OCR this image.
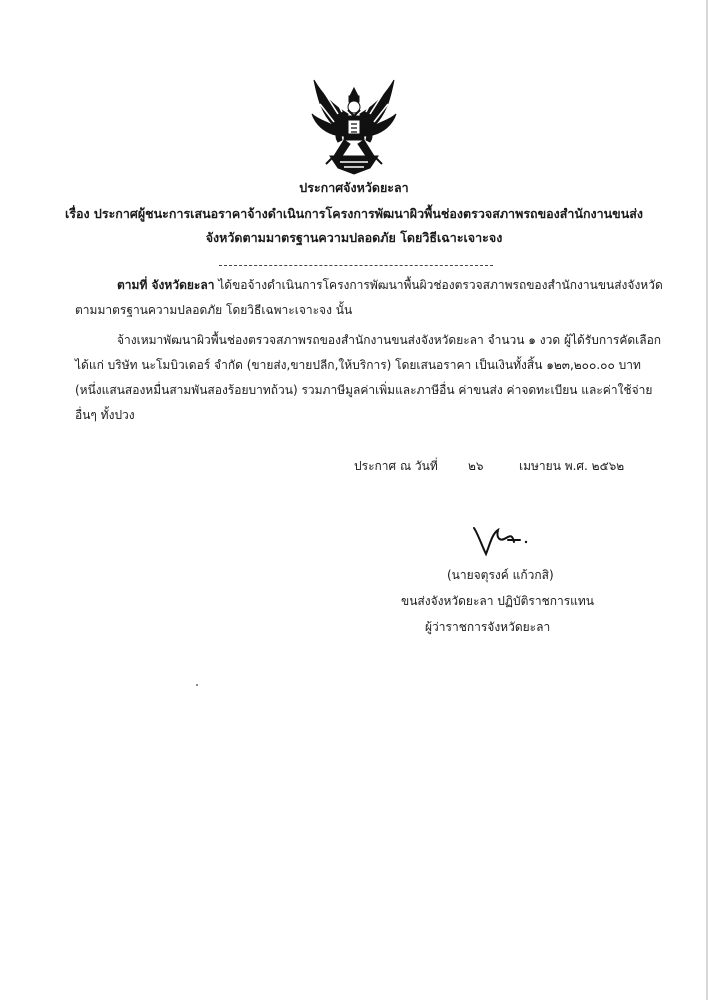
ประกาศจังหวัดยะลา
เรื่อง ประกาศผู้ชนะการเสนอราคาจ้างดำเนินการโครงการพัฒนาผิวพื้นช่องตรวจสภาพรถของสำนักงานขนส่ง
จังหวัดตามมาตรฐานความปลอดภัย โดยวิธีเฉาะเจาะจง
ตามที่ จังหวัดยะลา ได้ขอจ้างดำเนินการโครงการพัฒนาพื้นผิวช่องตรวจสภาพรถของสำนักงานขนส่งจังหวัด
ตามมาตรฐานความปลอดภัย โดยวิธีเฉพาะเจาะจง นั้น
จ้างเหมาพัฒนาผิวพื้นช่องตรวจสภาพรถของสำนักงานขนส่งจังหวัดยะลา จำนวน ๑ งวด ผู้ได้รับการคัดเลือก
ได้แก่ บริษัท นะโมบิวเดอร์ จำกัด (ขายส่ง,ขายปลีก,ให้บริการ) โดยเสนอราคา เป็นเงินทั้งสิ้น ๑๒๓,๒๐๐.๐๐ บาท
(หนึ่งแสนสองหมื่นสามพันสองร้อยบาทถ้วน) รวมภาษีมูลค่าเพิ่มและภาษีอื่น ค่าขนส่ง ค่าจดทะเบียน และค่าใช้จ่าย
อื่นๆ ทั้งปวง
ประกาศ ณ วันที่	๒๖	เมษายน พ.ศ. ๒๕๖๒
(นายจตุรงค์ แก้วกสิ)
ขนส่งจังหวัดยะลา ปฏิบัติราชการแทน
ผู้ว่าราชการจังหวัดยะลา
